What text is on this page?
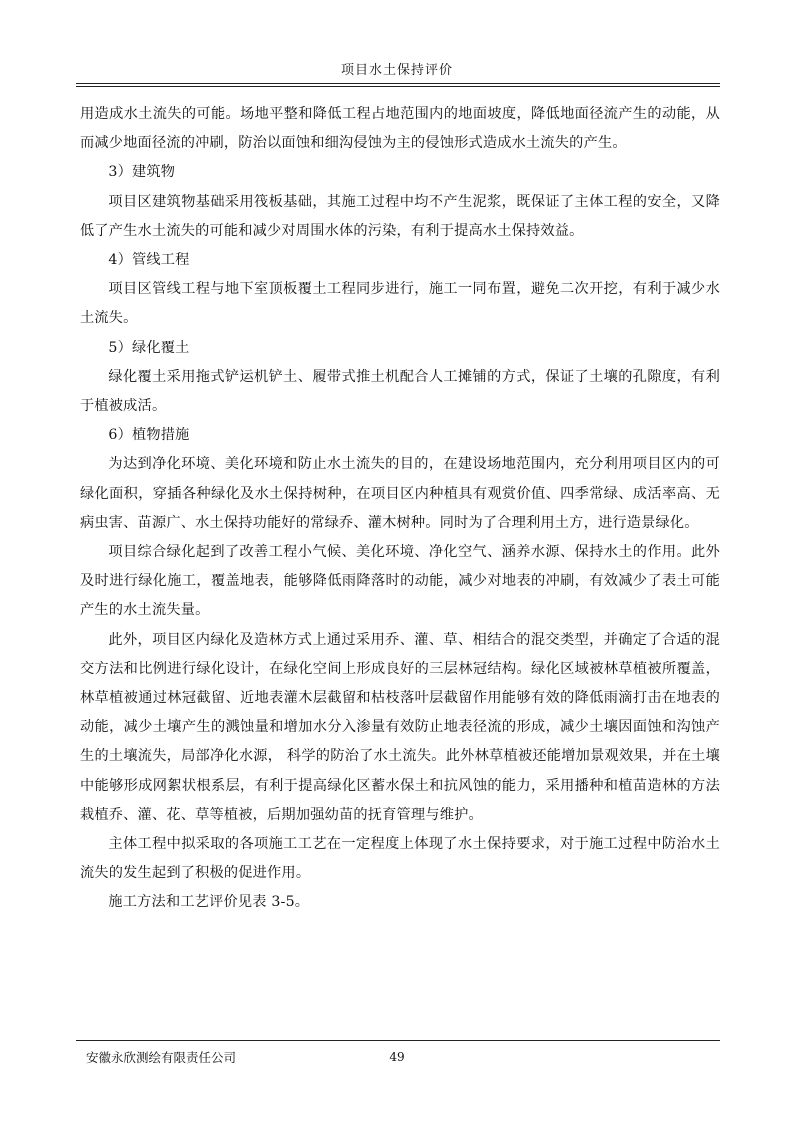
项目水土保持评价

用造成水土流失的可能。场地平整和降低工程占地范围内的地面坡度，降低地面径流产生的动能，从而减少地面径流的冲刷，防治以面蚀和细沟侵蚀为主的侵蚀形式造成水土流失的产生。

3）建筑物

项目区建筑物基础采用筏板基础，其施工过程中均不产生泥浆，既保证了主体工程的安全，又降低了产生水土流失的可能和减少对周围水体的污染，有利于提高水土保持效益。

4）管线工程

项目区管线工程与地下室顶板覆土工程同步进行，施工一同布置，避免二次开挖，有利于减少水土流失。

5）绿化覆土

绿化覆土采用拖式铲运机铲土、履带式推土机配合人工摊铺的方式，保证了土壤的孔隙度，有利于植被成活。

6）植物措施

为达到净化环境、美化环境和防止水土流失的目的，在建设场地范围内，充分利用项目区内的可绿化面积，穿插各种绿化及水土保持树种，在项目区内种植具有观赏价值、四季常绿、成活率高、无病虫害、苗源广、水土保持功能好的常绿乔、灌木树种。同时为了合理利用土方，进行造景绿化。

项目综合绿化起到了改善工程小气候、美化环境、净化空气、涵养水源、保持水土的作用。此外及时进行绿化施工，覆盖地表，能够降低雨降落时的动能，减少对地表的冲刷，有效减少了表土可能产生的水土流失量。

此外，项目区内绿化及造林方式上通过采用乔、灌、草、相结合的混交类型，并确定了合适的混交方法和比例进行绿化设计，在绿化空间上形成良好的三层林冠结构。绿化区域被林草植被所覆盖，林草植被通过林冠截留、近地表灌木层截留和枯枝落叶层截留作用能够有效的降低雨滴打击在地表的动能，减少土壤产生的溅蚀量和增加水分入渗量有效防止地表径流的形成，减少土壤因面蚀和沟蚀产生的土壤流失，局部净化水源， 科学的防治了水土流失。此外林草植被还能增加景观效果，并在土壤中能够形成网絮状根系层，有利于提高绿化区蓄水保土和抗风蚀的能力，采用播种和植苗造林的方法栽植乔、灌、花、草等植被，后期加强幼苗的抚育管理与维护。

主体工程中拟采取的各项施工工艺在一定程度上体现了水土保持要求，对于施工过程中防治水土流失的发生起到了积极的促进作用。

施工方法和工艺评价见表 3-5。

安徽永欣测绘有限责任公司	49
